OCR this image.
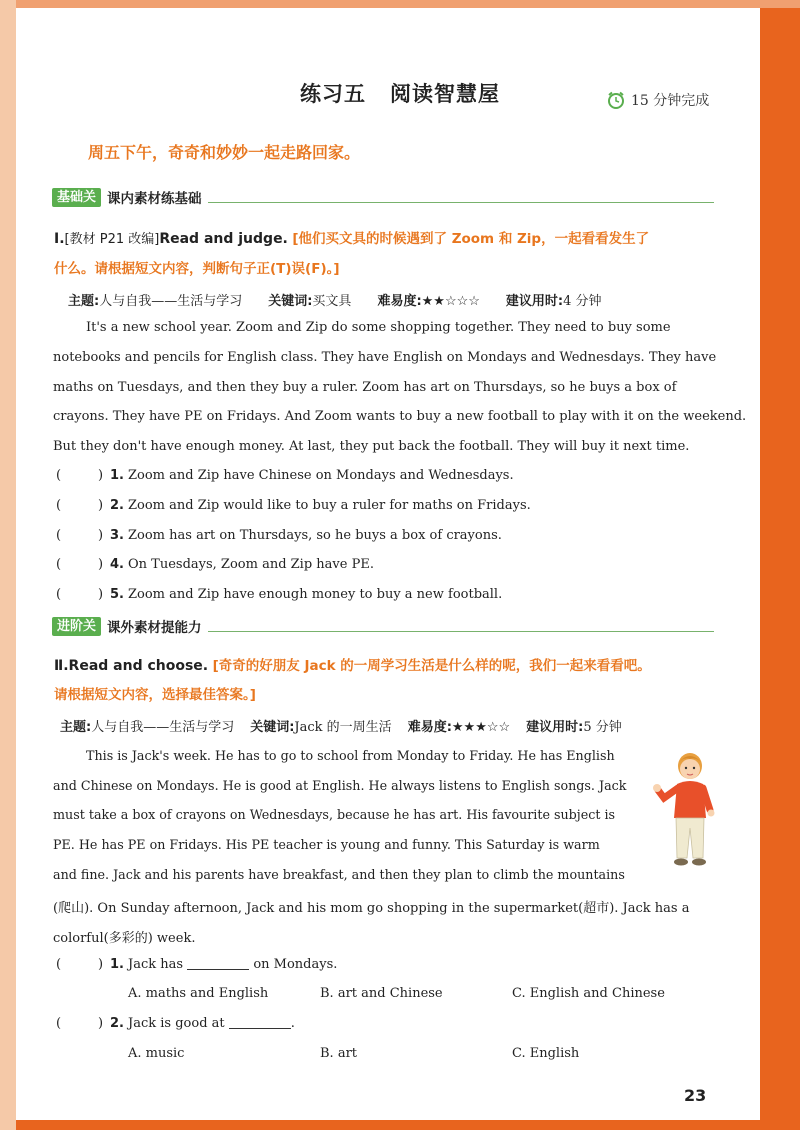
练习五 阅读智慧屋	15 分钟完成
周五下午，奇奇和妙妙一起走路回家。
基础关 课内素材练基础
Ⅰ.[教材 P21 改编]Read and judge. [他们买文具的时候遇到了 Zoom 和 Zip，一起看看发生了
什么。请根据短文内容，判断句子正(T)误(F)。]
主题:人与自我——生活与学习 关键词:买文具 难易度:★★☆☆☆ 建议用时:4 分钟
It's a new school year. Zoom and Zip do some shopping together. They need to buy some
notebooks and pencils for English class. They have English on Mondays and Wednesdays. They have
maths on Tuesdays, and then they buy a ruler. Zoom has art on Thursdays, so he buys a box of
crayons. They have PE on Fridays. And Zoom wants to buy a new football to play with it on the weekend.
But they don't have enough money. At last, they put back the football. They will buy it next time.
(	) 1. Zoom and Zip have Chinese on Mondays and Wednesdays.
(	) 2. Zoom and Zip would like to buy a ruler for maths on Fridays.
(	) 3. Zoom has art on Thursdays, so he buys a box of crayons.
(	) 4. On Tuesdays, Zoom and Zip have PE.
(	) 5. Zoom and Zip have enough money to buy a new football.
进阶关 课外素材提能力
Ⅱ.Read and choose. [奇奇的好朋友 Jack 的一周学习生活是什么样的呢，我们一起来看看吧。
请根据短文内容，选择最佳答案。]
主题:人与自我——生活与学习 关键词:Jack 的一周生活 难易度:★★★☆☆ 建议用时:5 分钟
This is Jack's week. He has to go to school from Monday to Friday. He has English
and Chinese on Mondays. He is good at English. He always listens to English songs. Jack
must take a box of crayons on Wednesdays, because he has art. His favourite subject is
PE. He has PE on Fridays. His PE teacher is young and funny. This Saturday is warm
and fine. Jack and his parents have breakfast, and then they plan to climb the mountains
(爬山). On Sunday afternoon, Jack and his mom go shopping in the supermarket(超市). Jack has a
colorful(多彩的) week.
(	) 1. Jack has

	on Mondays.
A. maths and English	B. art and Chinese	C. English and Chinese
(	) 2. Jack is good at
	.
A. music	B. art	C. English
23
